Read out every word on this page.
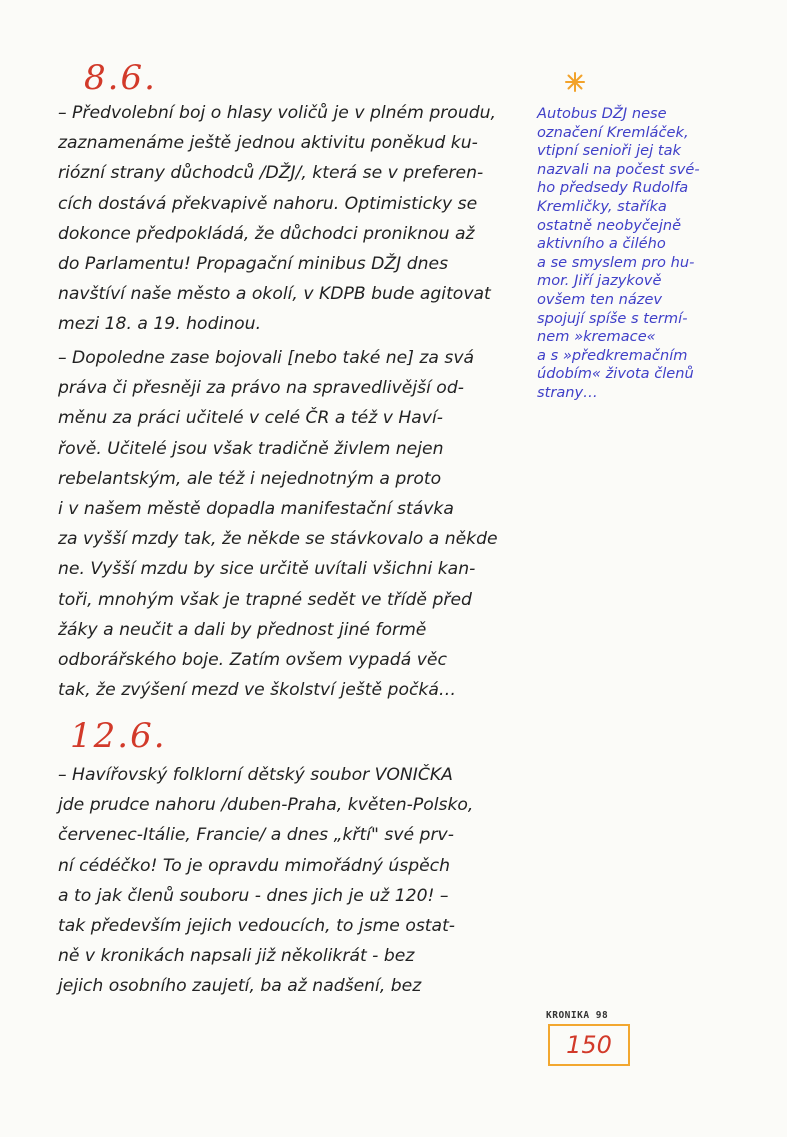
8.6.
– Předvolební boj o hlasy voličů je v plném proudu,
zaznamenáme ještě jednou aktivitu poněkud ku-
riózní strany důchodců /DŽJ/, která se v preferen-
cích dostává překvapivě nahoru. Optimisticky se
dokonce předpokládá, že důchodci proniknou až
do Parlamentu! Propagační minibus DŽJ dnes
navštíví naše město a okolí, v KDPB bude agitovat
mezi 18. a 19. hodinou.
– Dopoledne zase bojovali [nebo také ne] za svá
práva či přesněji za právo na spravedlivější od-
měnu za práci učitelé v celé ČR a též v Haví-
řově. Učitelé jsou však tradičně živlem nejen
rebelantským, ale též i nejednotným a proto
i v našem městě dopadla manifestační stávka
za vyšší mzdy tak, že někde se stávkovalo a někde
ne. Vyšší mzdu by sice určitě uvítali všichni kan-
toři, mnohým však je trapné sedět ve třídě před
žáky a neučit a dali by přednost jiné formě
odborářského boje. Zatím ovšem vypadá věc
tak, že zvýšení mezd ve školství ještě počká…
12.6.
– Havířovský folklorní dětský soubor VONIČKA
jde prudce nahoru /duben-Praha, květen-Polsko,
červenec-Itálie, Francie/ a dnes „křtí" své prv-
ní cédéčko! To je opravdu mimořádný úspěch
a to jak členů souboru - dnes jich je už 120! –
tak především jejich vedoucích, to jsme ostat-
ně v kronikách napsali již několikrát - bez
jejich osobního zaujetí, ba až nadšení, bez
Autobus DŽJ nese
označení Kremláček,
vtipní senioři jej tak
nazvali na počest své-
ho předsedy Rudolfa
Kremličky, staříka
ostatně neobyčejně
aktivního a čilého
a se smyslem pro hu-
mor. Jiří jazykově
ovšem ten název
spojují spíše s termí-
nem »kremace«
a s »předkremačním
údobím« života členů
strany…
KRONIKA 98
150
